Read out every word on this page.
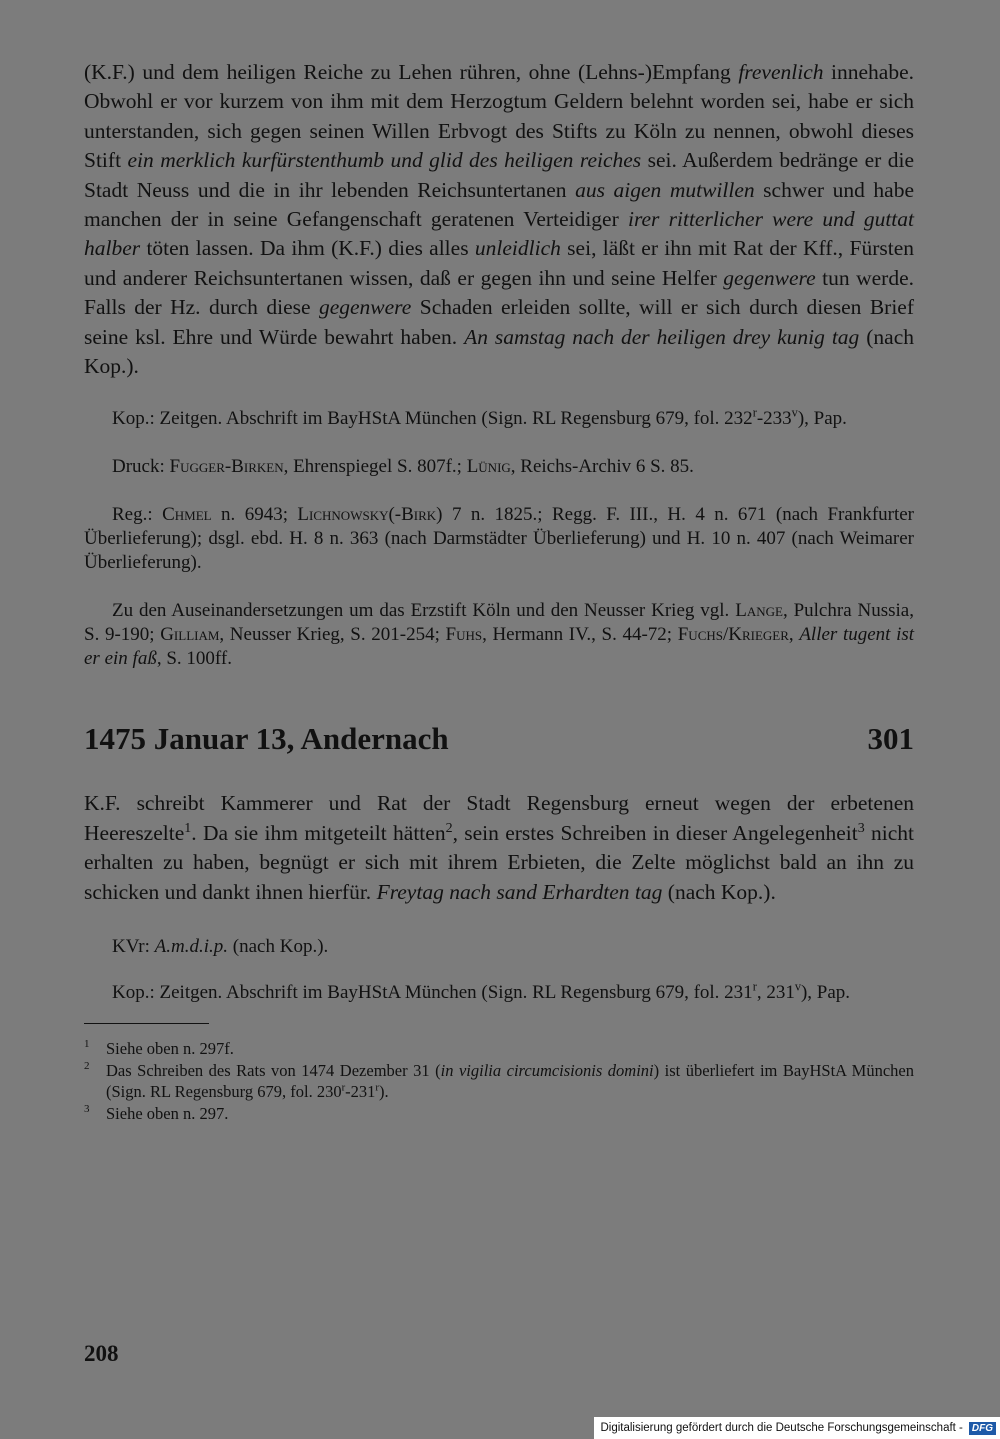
(K.F.) und dem heiligen Reiche zu Lehen rühren, ohne (Lehns-)Empfang frevenlich innehabe. Obwohl er vor kurzem von ihm mit dem Herzogtum Geldern belehnt worden sei, habe er sich unterstanden, sich gegen seinen Willen Erbvogt des Stifts zu Köln zu nennen, obwohl dieses Stift ein merklich kurfürstenthumb und glid des heiligen reiches sei. Außerdem bedränge er die Stadt Neuss und die in ihr lebenden Reichsuntertanen aus aigen mutwillen schwer und habe manchen der in seine Gefangenschaft geratenen Verteidiger irer ritterlicher were und guttat halber töten lassen. Da ihm (K.F.) dies alles unleidlich sei, läßt er ihn mit Rat der Kff., Fürsten und anderer Reichsuntertanen wissen, daß er gegen ihn und seine Helfer gegenwere tun werde. Falls der Hz. durch diese gegenwere Schaden erleiden sollte, will er sich durch diesen Brief seine ksl. Ehre und Würde bewahrt haben. An samstag nach der heiligen drey kunig tag (nach Kop.).

Kop.: Zeitgen. Abschrift im BayHStA München (Sign. RL Regensburg 679, fol. 232$^r$-233$^v$), Pap.

Druck: Fugger-Birken, Ehrenspiegel S. 807f.; Lünig, Reichs-Archiv 6 S. 85.

Reg.: Chmel n. 6943; Lichnowsky(-Birk) 7 n. 1825.; Regg. F. III., H. 4 n. 671 (nach Frankfurter Überlieferung); dsgl. ebd. H. 8 n. 363 (nach Darmstädter Überlieferung) und H. 10 n. 407 (nach Weimarer Überlieferung).

Zu den Auseinandersetzungen um das Erzstift Köln und den Neusser Krieg vgl. Lange, Pulchra Nussia, S. 9-190; Gilliam, Neusser Krieg, S. 201-254; Fuhs, Hermann IV., S. 44-72; Fuchs/Krieger, Aller tugent ist er ein faß, S. 100ff.

1475 Januar 13, Andernach	301

K.F. schreibt Kammerer und Rat der Stadt Regensburg erneut wegen der erbetenen Heereszelte$^1$. Da sie ihm mitgeteilt hätten$^2$, sein erstes Schreiben in dieser Angelegenheit$^3$ nicht erhalten zu haben, begnügt er sich mit ihrem Erbieten, die Zelte möglichst bald an ihn zu schicken und dankt ihnen hierfür. Freytag nach sand Erhardten tag (nach Kop.).

KVr: A.m.d.i.p. (nach Kop.).

Kop.: Zeitgen. Abschrift im BayHStA München (Sign. RL Regensburg 679, fol. 231$^r$, 231$^v$), Pap.

1	Siehe oben n. 297f.
2	Das Schreiben des Rats von 1474 Dezember 31 (in vigilia circumcisionis domini) ist überliefert im BayHStA München (Sign. RL Regensburg 679, fol. 230$^r$-231$^r$).
3	Siehe oben n. 297.
208
Digitalisierung gefördert durch die Deutsche Forschungsgemeinschaft - DFG
